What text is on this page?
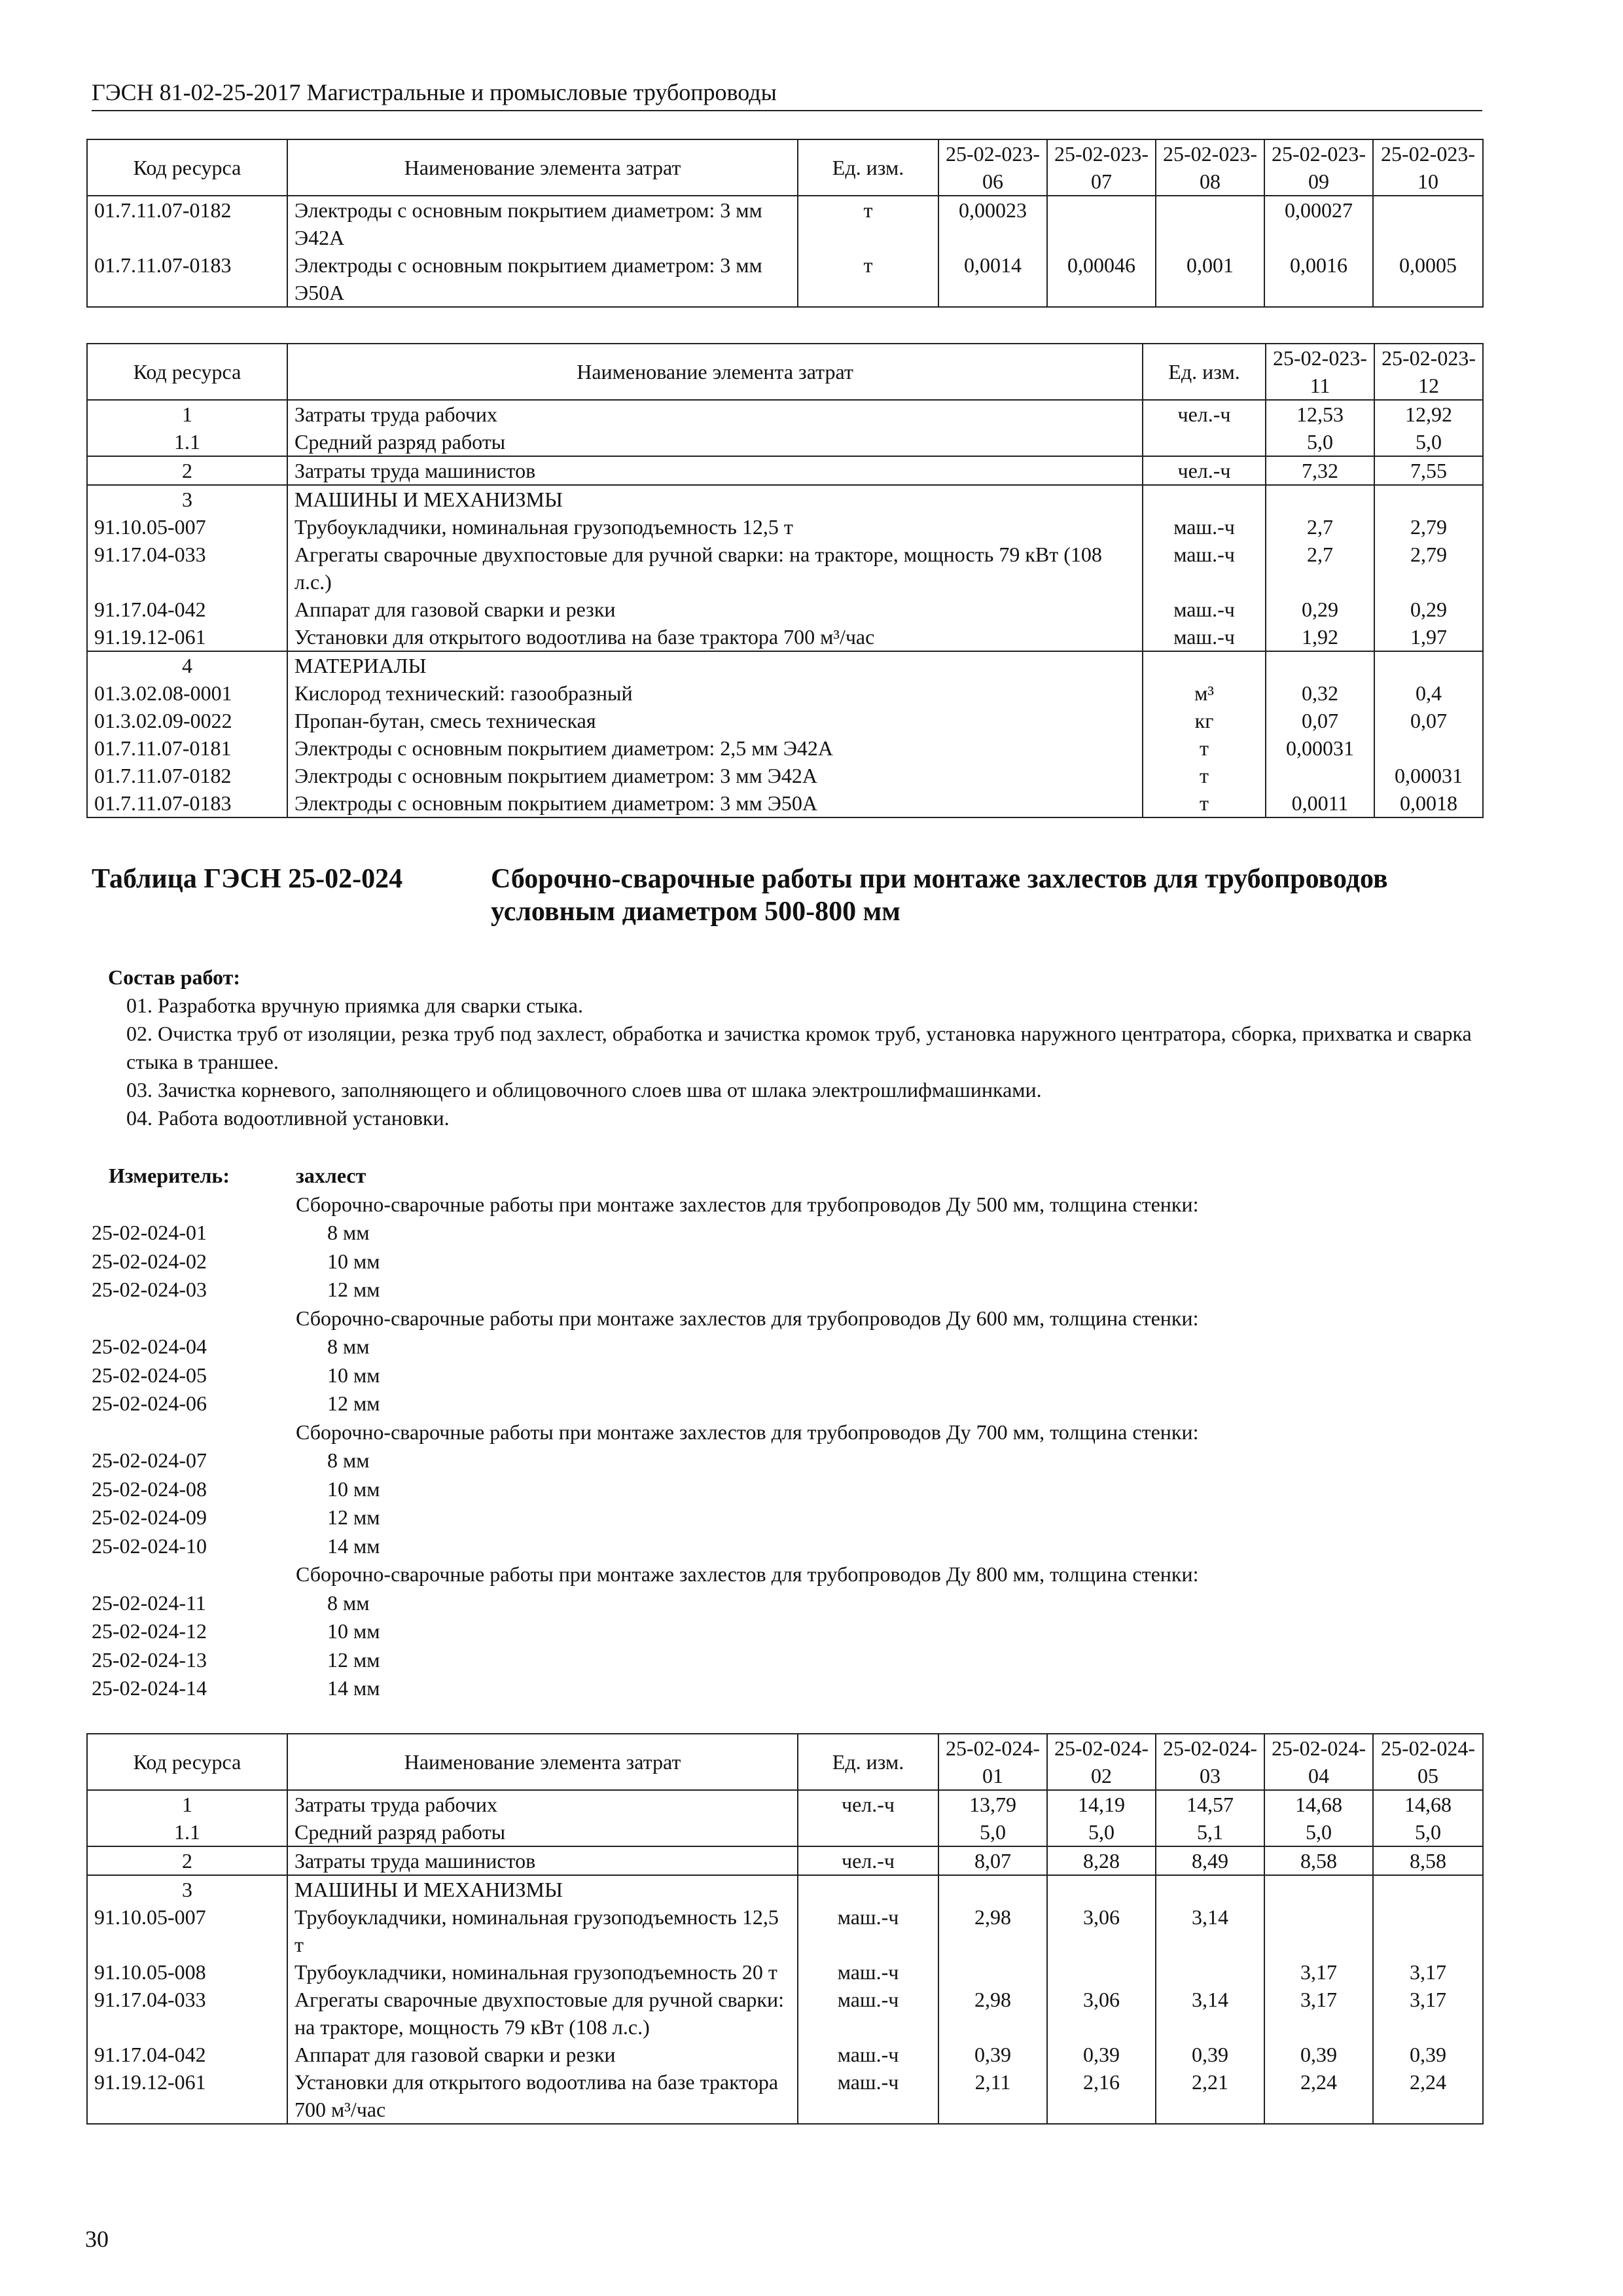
ГЭСН 81-02-25-2017 Магистральные и промысловые трубопроводы
Код ресурса	Наименование элемента затрат	Ед. изм.	25-02-023-06	25-02-023-07	25-02-023-08	25-02-023-09	25-02-023-10
01.7.11.07-0182	Электроды с основным покрытием диаметром: 3 мм Э42А	т	0,00023			0,00027	
01.7.11.07-0183	Электроды с основным покрытием диаметром: 3 мм Э50А	т	0,0014	0,00046	0,001	0,0016	0,0005
Код ресурса	Наименование элемента затрат	Ед. изм.	25-02-023-11	25-02-023-12
1	Затраты труда рабочих	чел.-ч	12,53	12,92
1.1	Средний разряд работы		5,0	5,0
2	Затраты труда машинистов	чел.-ч	7,32	7,55
3	МАШИНЫ И МЕХАНИЗМЫ			
91.10.05-007	Трубоукладчики, номинальная грузоподъемность 12,5 т	маш.-ч	2,7	2,79
91.17.04-033	Агрегаты сварочные двухпостовые для ручной сварки: на тракторе, мощность 79 кВт (108 л.с.)	маш.-ч	2,7	2,79
91.17.04-042	Аппарат для газовой сварки и резки	маш.-ч	0,29	0,29
91.19.12-061	Установки для открытого водоотлива на базе трактора 700 м³/час	маш.-ч	1,92	1,97
4	МАТЕРИАЛЫ			
01.3.02.08-0001	Кислород технический: газообразный	м³	0,32	0,4
01.3.02.09-0022	Пропан-бутан, смесь техническая	кг	0,07	0,07
01.7.11.07-0181	Электроды с основным покрытием диаметром: 2,5 мм Э42А	т	0,00031	
01.7.11.07-0182	Электроды с основным покрытием диаметром: 3 мм Э42А	т		0,00031
01.7.11.07-0183	Электроды с основным покрытием диаметром: 3 мм Э50А	т	0,0011	0,0018
Таблица ГЭСН 25-02-024	Сборочно-сварочные работы при монтаже захлестов для трубопроводов условным диаметром 500-800 мм
Состав работ:
01. Разработка вручную приямка для сварки стыка.
02. Очистка труб от изоляции, резка труб под захлест, обработка и зачистка кромок труб, установка наружного центратора, сборка, прихватка и сварка стыка в траншее.
03. Зачистка корневого, заполняющего и облицовочного слоев шва от шлака электрошлифмашинками.
04. Работа водоотливной установки.
Измеритель:	захлест
Сборочно-сварочные работы при монтаже захлестов для трубопроводов Ду 500 мм, толщина стенки:
25-02-024-01	8 мм
25-02-024-02	10 мм
25-02-024-03	12 мм
Сборочно-сварочные работы при монтаже захлестов для трубопроводов Ду 600 мм, толщина стенки:
25-02-024-04	8 мм
25-02-024-05	10 мм
25-02-024-06	12 мм
Сборочно-сварочные работы при монтаже захлестов для трубопроводов Ду 700 мм, толщина стенки:
25-02-024-07	8 мм
25-02-024-08	10 мм
25-02-024-09	12 мм
25-02-024-10	14 мм
Сборочно-сварочные работы при монтаже захлестов для трубопроводов Ду 800 мм, толщина стенки:
25-02-024-11	8 мм
25-02-024-12	10 мм
25-02-024-13	12 мм
25-02-024-14	14 мм
Код ресурса	Наименование элемента затрат	Ед. изм.	25-02-024-01	25-02-024-02	25-02-024-03	25-02-024-04	25-02-024-05
1	Затраты труда рабочих	чел.-ч	13,79	14,19	14,57	14,68	14,68
1.1	Средний разряд работы		5,0	5,0	5,1	5,0	5,0
2	Затраты труда машинистов	чел.-ч	8,07	8,28	8,49	8,58	8,58
3	МАШИНЫ И МЕХАНИЗМЫ						
91.10.05-007	Трубоукладчики, номинальная грузоподъемность 12,5 т	маш.-ч	2,98	3,06	3,14		
91.10.05-008	Трубоукладчики, номинальная грузоподъемность 20 т	маш.-ч				3,17	3,17
91.17.04-033	Агрегаты сварочные двухпостовые для ручной сварки: на тракторе, мощность 79 кВт (108 л.с.)	маш.-ч	2,98	3,06	3,14	3,17	3,17
91.17.04-042	Аппарат для газовой сварки и резки	маш.-ч	0,39	0,39	0,39	0,39	0,39
91.19.12-061	Установки для открытого водоотлива на базе трактора 700 м³/час	маш.-ч	2,11	2,16	2,21	2,24	2,24
30
